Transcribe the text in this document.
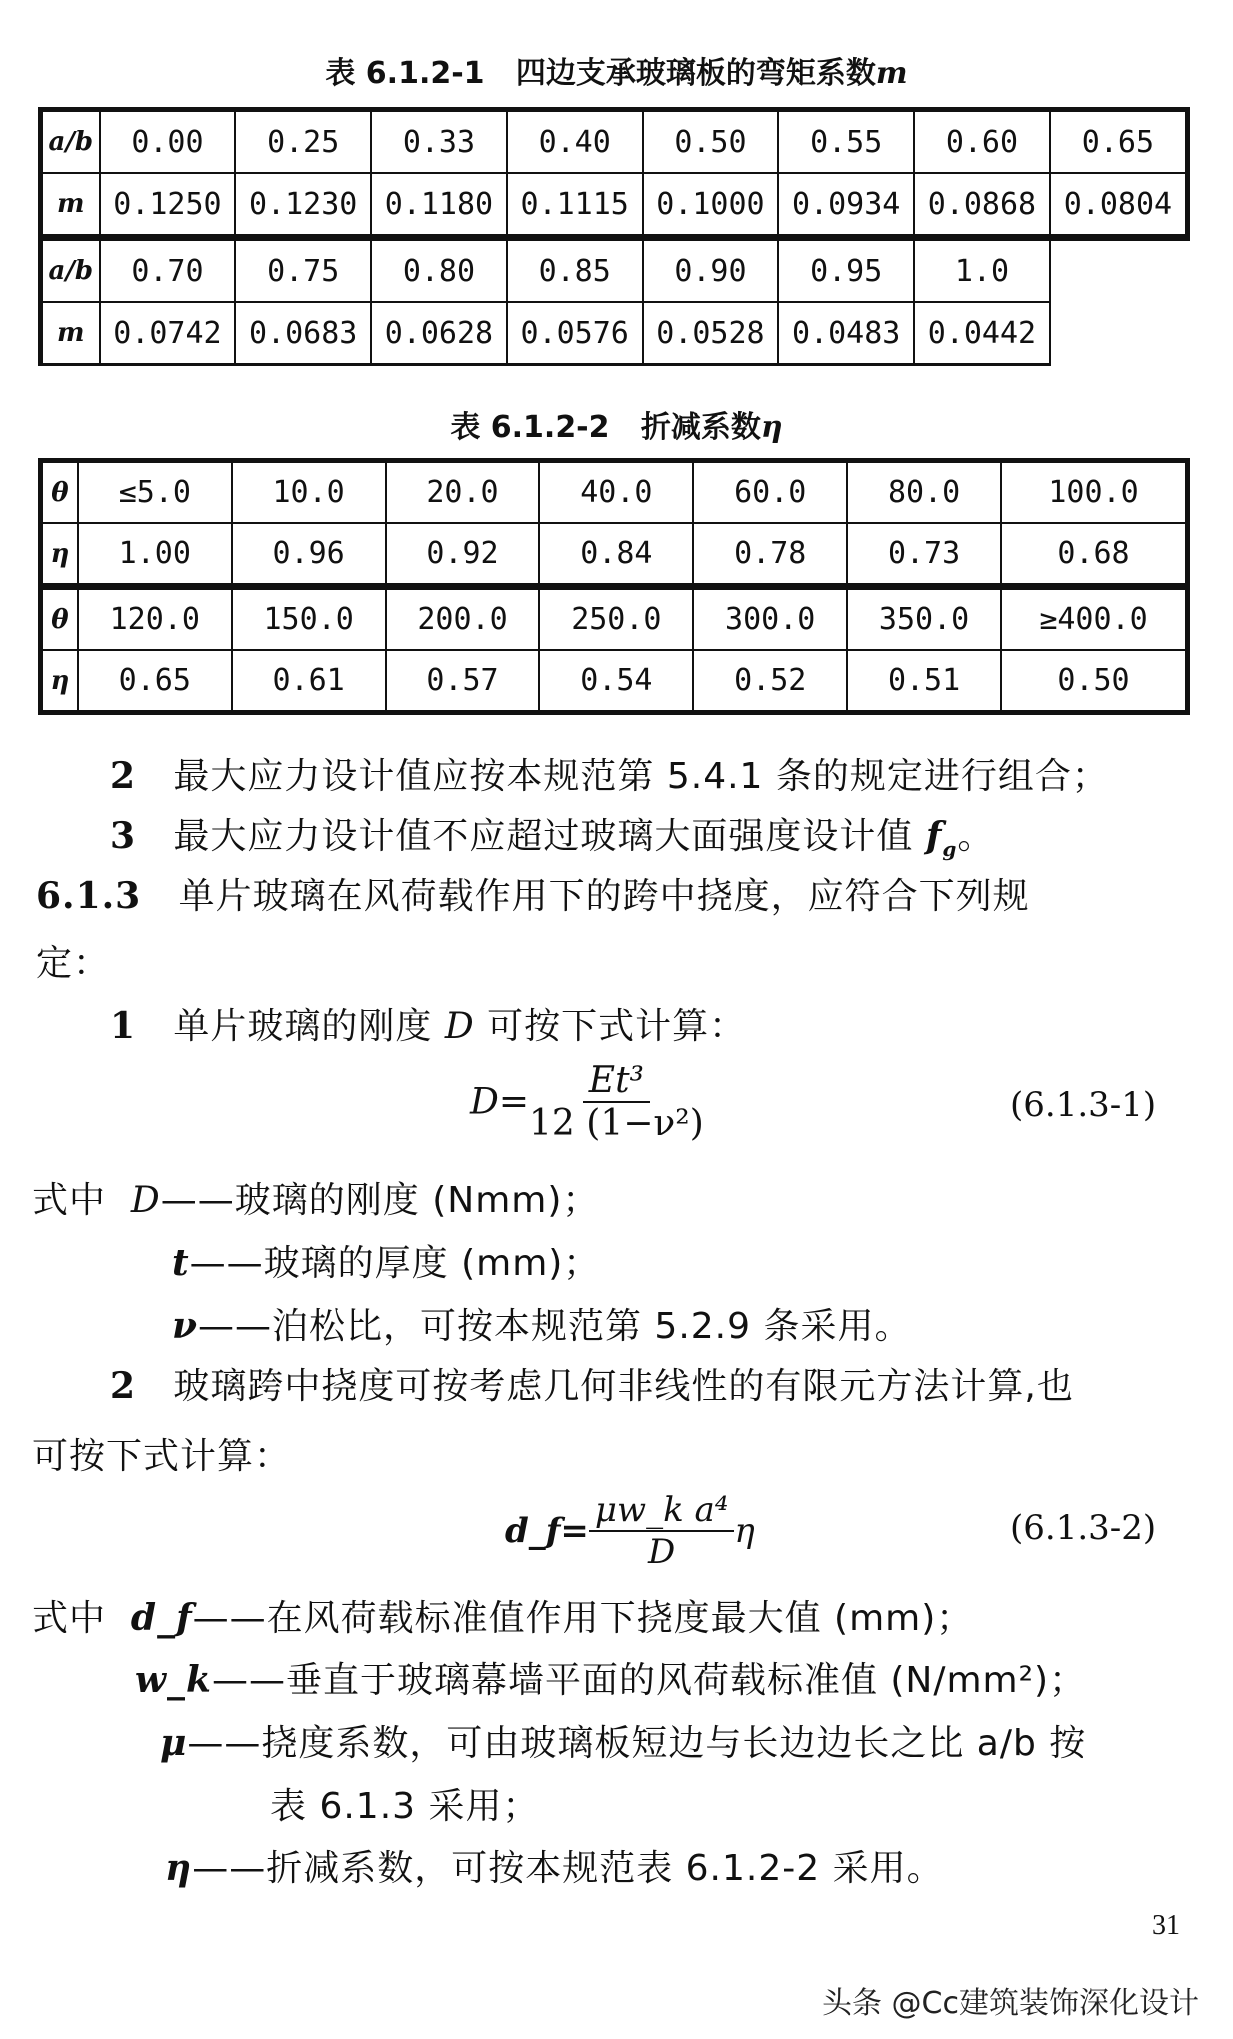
表 6.1.2-1 四边支承玻璃板的弯矩系数m
a/b	0.00	0.25	0.33	0.40	0.50	0.55	0.60	0.65
m	0.1250	0.1230	0.1180	0.1115	0.1000	0.0934	0.0868	0.0804
a/b	0.70	0.75	0.80	0.85	0.90	0.95	1.0	
m	0.0742	0.0683	0.0628	0.0576	0.0528	0.0483	0.0442	
表 6.1.2-2 折减系数η
θ	≤5.0	10.0	20.0	40.0	60.0	80.0	100.0
η	1.00	0.96	0.92	0.84	0.78	0.73	0.68
θ	120.0	150.0	200.0	250.0	300.0	350.0	≥400.0
η	0.65	0.61	0.57	0.54	0.52	0.51	0.50
2 最大应力设计值应按本规范第 5.4.1 条的规定进行组合；
3 最大应力设计值不应超过玻璃大面强度设计值 $f_g$。
6.1.3 单片玻璃在风荷载作用下的跨中挠度，应符合下列规
定：
1 单片玻璃的刚度 D 可按下式计算：
$D= \frac{\text{Et³}}{\text{12 (1−ν²)}}$	(6.1.3-1)
式中 D——玻璃的刚度 (Nmm)；
t——玻璃的厚度 (mm)；
ν——泊松比，可按本规范第 5.2.9 条采用。
2 玻璃跨中挠度可按考虑几何非线性的有限元方法计算,也
可按下式计算：
d_f= $\frac{\text{μw\_k a⁴}}{D}$ η	(6.1.3-2)
式中 d_f——在风荷载标准值作用下挠度最大值 (mm)；
w_k——垂直于玻璃幕墙平面的风荷载标准值 (N/mm²)；
μ——挠度系数，可由玻璃板短边与长边边长之比 a/b 按
表 6.1.3 采用；
η——折减系数，可按本规范表 6.1.2-2 采用。
31
头条 @Cc建筑装饰深化设计
